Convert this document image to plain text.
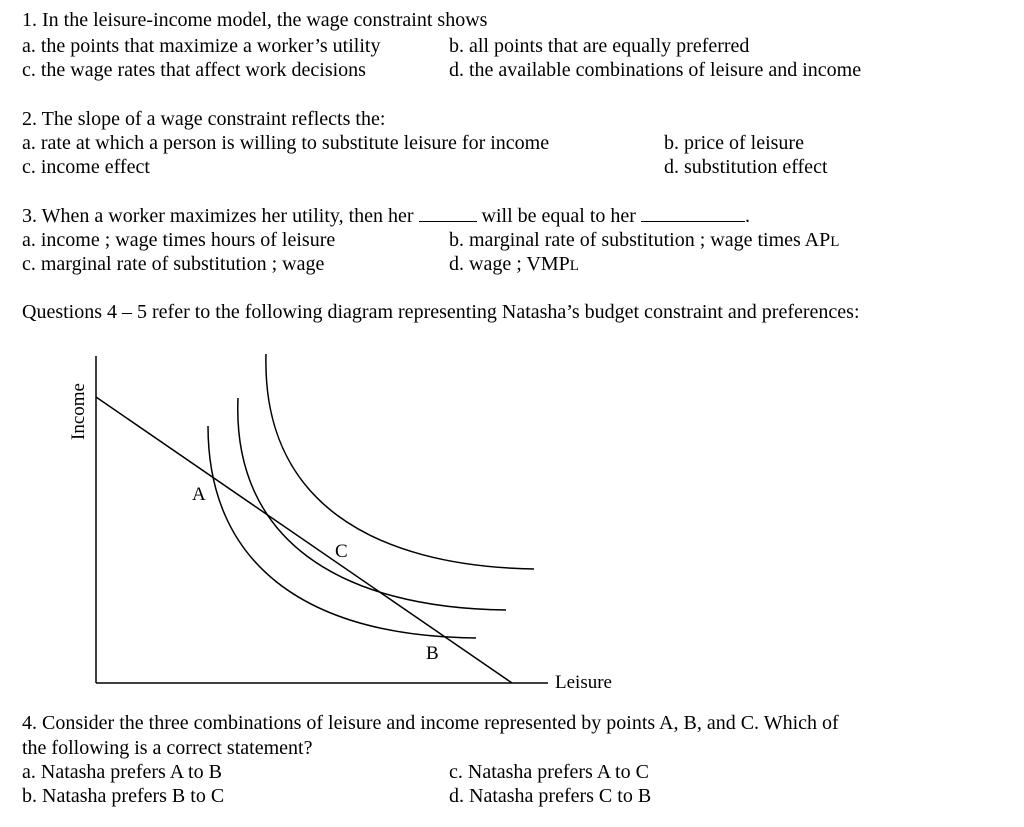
1. In the leisure-income model, the wage constraint shows
a. the points that maximize a worker’s utility	b. all points that are equally preferred
c. the wage rates that affect work decisions	d. the available combinations of leisure and income
2. The slope of a wage constraint reflects the:
a. rate at which a person is willing to substitute leisure for income	b. price of leisure
c. income effect	d. substitution effect
3. When a worker maximizes her utility, then her	will be equal to her	.
a. income ; wage times hours of leisure	b. marginal rate of substitution ; wage times APL
c. marginal rate of substitution ; wage	d. wage ; VMPL
Questions 4 – 5 refer to the following diagram representing Natasha’s budget constraint and preferences:
Income
Leisure
A
B
C
4. Consider the three combinations of leisure and income represented by points A, B, and C. Which of
the following is a correct statement?
a. Natasha prefers A to B	c. Natasha prefers A to C
b. Natasha prefers B to C	d. Natasha prefers C to B
